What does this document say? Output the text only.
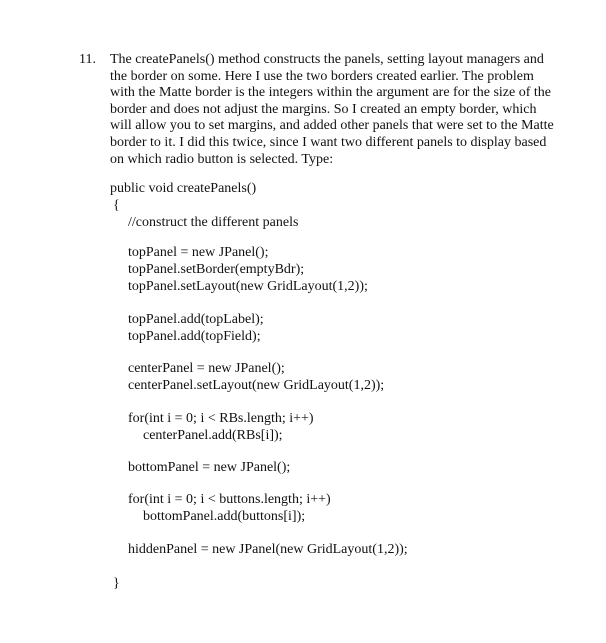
11. The createPanels() method constructs the panels, setting layout managers and
the border on some. Here I use the two borders created earlier. The problem
with the Matte border is the integers within the argument are for the size of the
border and does not adjust the margins. So I created an empty border, which
will allow you to set margins, and added other panels that were set to the Matte
border to it. I did this twice, since I want two different panels to display based
on which radio button is selected. Type:
public void createPanels()
{
//construct the different panels
topPanel = new JPanel();
topPanel.setBorder(emptyBdr);
topPanel.setLayout(new GridLayout(1,2));
topPanel.add(topLabel);
topPanel.add(topField);
centerPanel = new JPanel();
centerPanel.setLayout(new GridLayout(1,2));
for(int i = 0; i < RBs.length; i++)
centerPanel.add(RBs[i]);
bottomPanel = new JPanel();
for(int i = 0; i < buttons.length; i++)
bottomPanel.add(buttons[i]);
hiddenPanel = new JPanel(new GridLayout(1,2));
}
